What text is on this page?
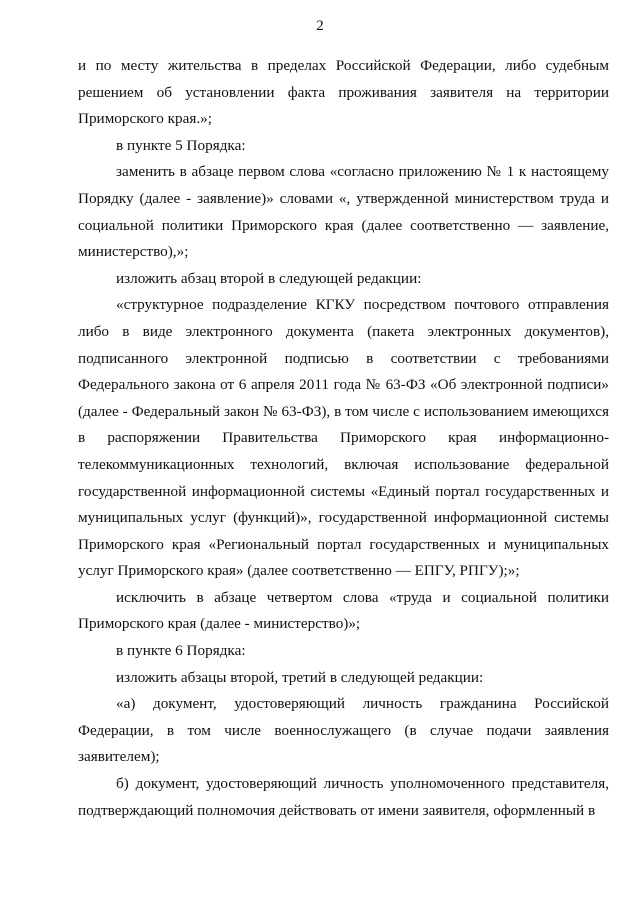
2

и по месту жительства в пределах Российской Федерации, либо судебным решением об установлении факта проживания заявителя на территории Приморского края.»;

в пункте 5 Порядка:

заменить в абзаце первом слова «согласно приложению № 1 к настоящему Порядку (далее - заявление)» словами «, утвержденной министерством труда и социальной политики Приморского края (далее соответственно — заявление, министерство),»;

изложить абзац второй в следующей редакции:

«структурное подразделение КГКУ посредством почтового отправления либо в виде электронного документа (пакета электронных документов), подписанного электронной подписью в соответствии с требованиями Федерального закона от 6 апреля 2011 года № 63-ФЗ «Об электронной подписи» (далее - Федеральный закон № 63-ФЗ), в том числе с использованием имеющихся в распоряжении Правительства Приморского края информационно-телекоммуникационных технологий, включая использование федеральной государственной информационной системы «Единый портал государственных и муниципальных услуг (функций)», государственной информационной системы Приморского края «Региональный портал государственных и муниципальных услуг Приморского края» (далее соответственно — ЕПГУ, РПГУ);»;

исключить в абзаце четвертом слова «труда и социальной политики Приморского края (далее - министерство)»;

в пункте 6 Порядка:

изложить абзацы второй, третий в следующей редакции:

«а) документ, удостоверяющий личность гражданина Российской Федерации, в том числе военнослужащего (в случае подачи заявления заявителем);

б) документ, удостоверяющий личность уполномоченного представителя, подтверждающий полномочия действовать от имени заявителя, оформленный в
